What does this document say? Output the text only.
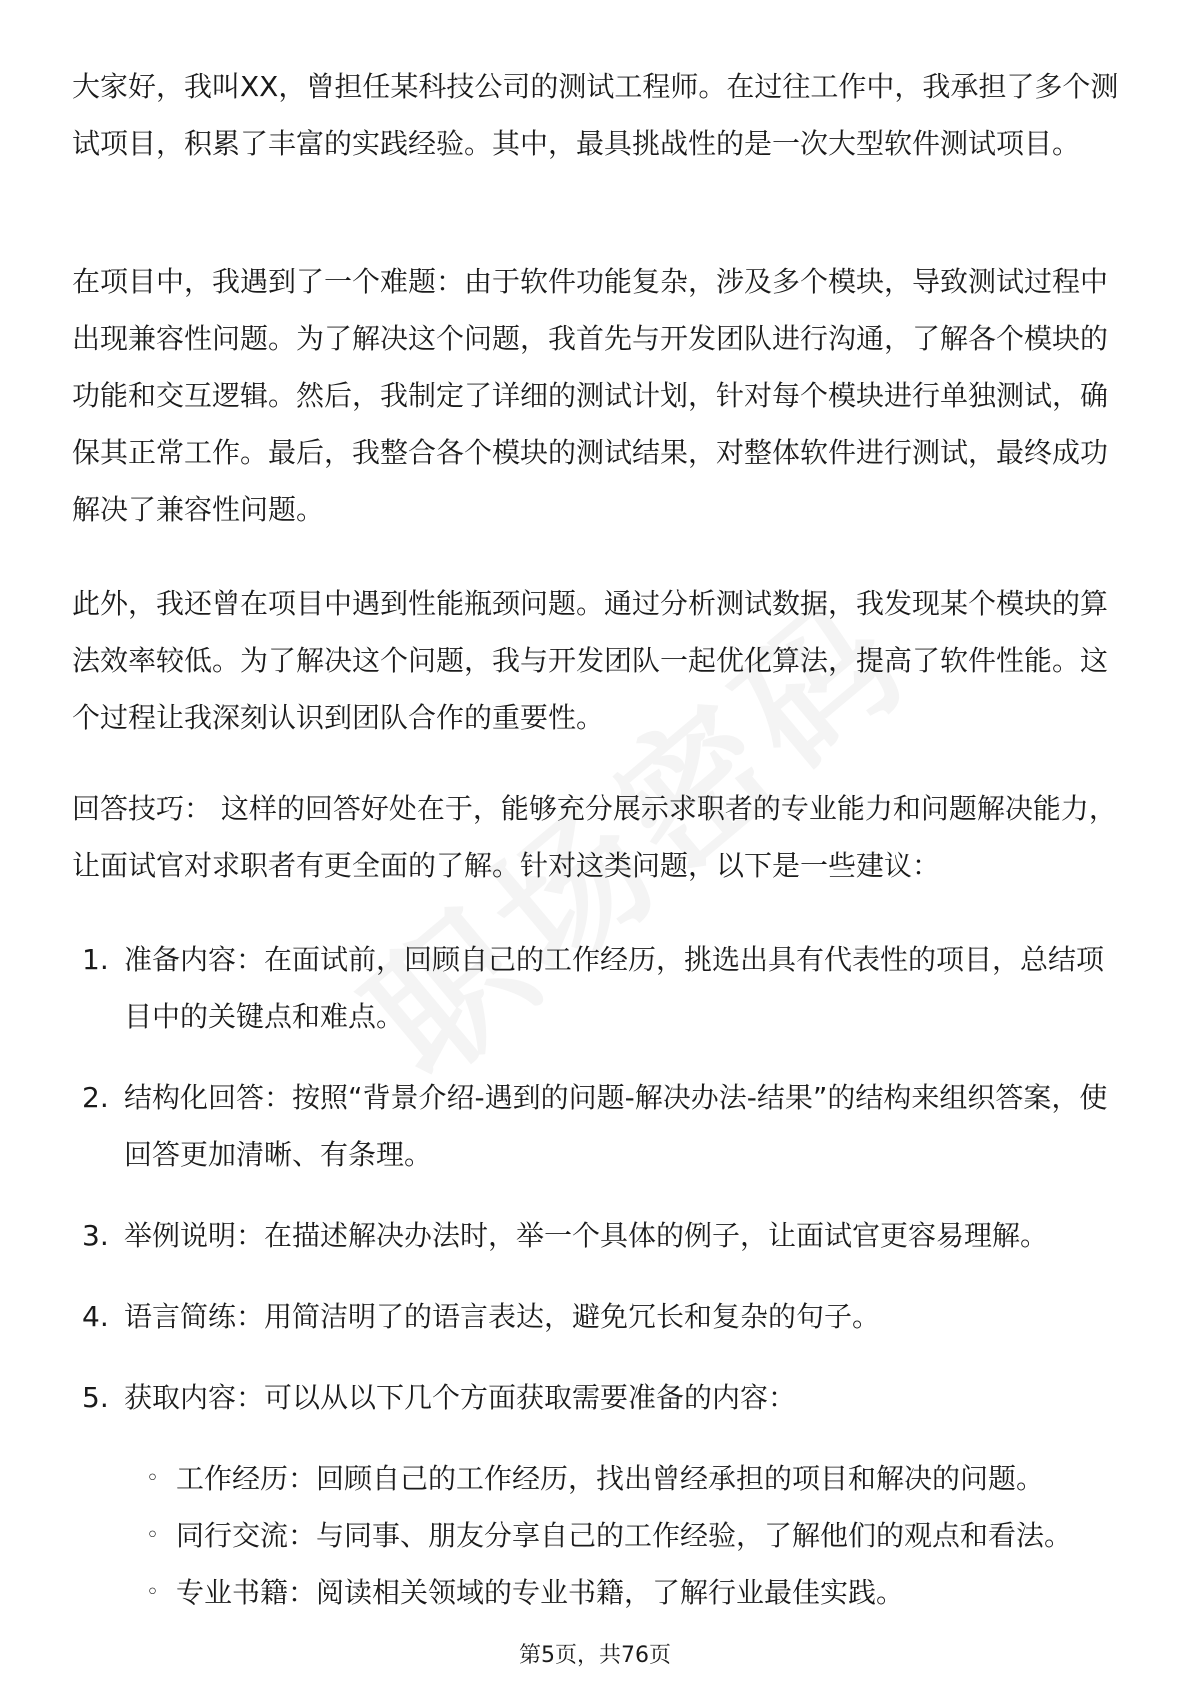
大家好，我叫XX，曾担任某科技公司的测试工程师。在过往工作中，我承担了多个测试项目，积累了丰富的实践经验。其中，最具挑战性的是一次大型软件测试项目。

在项目中，我遇到了一个难题：由于软件功能复杂，涉及多个模块，导致测试过程中出现兼容性问题。为了解决这个问题，我首先与开发团队进行沟通，了解各个模块的功能和交互逻辑。然后，我制定了详细的测试计划，针对每个模块进行单独测试，确保其正常工作。最后，我整合各个模块的测试结果，对整体软件进行测试，最终成功解决了兼容性问题。

此外，我还曾在项目中遇到性能瓶颈问题。通过分析测试数据，我发现某个模块的算法效率较低。为了解决这个问题，我与开发团队一起优化算法，提高了软件性能。这个过程让我深刻认识到团队合作的重要性。

回答技巧： 这样的回答好处在于，能够充分展示求职者的专业能力和问题解决能力，让面试官对求职者有更全面的了解。针对这类问题，以下是一些建议：

1. 准备内容：在面试前，回顾自己的工作经历，挑选出具有代表性的项目，总结项目中的关键点和难点。
2. 结构化回答：按照“背景介绍-遇到的问题-解决办法-结果”的结构来组织答案，使回答更加清晰、有条理。
3. 举例说明：在描述解决办法时，举一个具体的例子，让面试官更容易理解。
4. 语言简练：用简洁明了的语言表达，避免冗长和复杂的句子。
5. 获取内容：可以从以下几个方面获取需要准备的内容：
◦ 工作经历：回顾自己的工作经历，找出曾经承担的项目和解决的问题。
◦ 同行交流：与同事、朋友分享自己的工作经验，了解他们的观点和看法。
◦ 专业书籍：阅读相关领域的专业书籍，了解行业最佳实践。
第5页，共76页
